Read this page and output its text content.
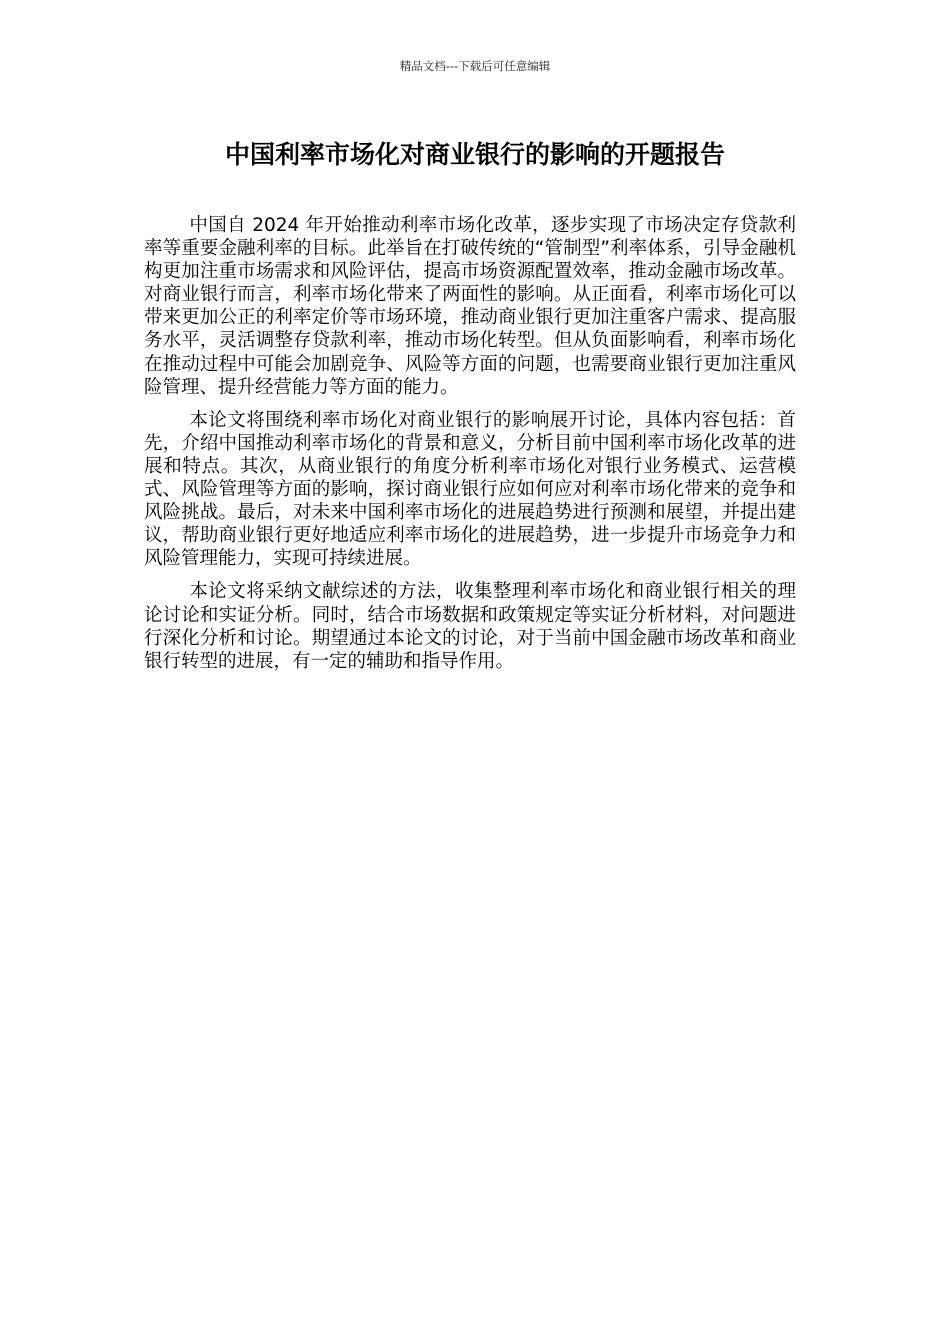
精品文档---下载后可任意编辑
中国利率市场化对商业银行的影响的开题报告

中国自 2024 年开始推动利率市场化改革，逐步实现了市场决定存贷款利率等重要金融利率的目标。此举旨在打破传统的“管制型”利率体系，引导金融机构更加注重市场需求和风险评估，提高市场资源配置效率，推动金融市场改革。对商业银行而言，利率市场化带来了两面性的影响。从正面看，利率市场化可以带来更加公正的利率定价等市场环境，推动商业银行更加注重客户需求、提高服务水平，灵活调整存贷款利率，推动市场化转型。但从负面影响看，利率市场化在推动过程中可能会加剧竞争、风险等方面的问题，也需要商业银行更加注重风险管理、提升经营能力等方面的能力。

本论文将围绕利率市场化对商业银行的影响展开讨论，具体内容包括：首先，介绍中国推动利率市场化的背景和意义，分析目前中国利率市场化改革的进展和特点。其次，从商业银行的角度分析利率市场化对银行业务模式、运营模式、风险管理等方面的影响，探讨商业银行应如何应对利率市场化带来的竞争和风险挑战。最后，对未来中国利率市场化的进展趋势进行预测和展望，并提出建议，帮助商业银行更好地适应利率市场化的进展趋势，进一步提升市场竞争力和风险管理能力，实现可持续进展。

本论文将采纳文献综述的方法，收集整理利率市场化和商业银行相关的理论讨论和实证分析。同时，结合市场数据和政策规定等实证分析材料，对问题进行深化分析和讨论。期望通过本论文的讨论，对于当前中国金融市场改革和商业银行转型的进展，有一定的辅助和指导作用。
